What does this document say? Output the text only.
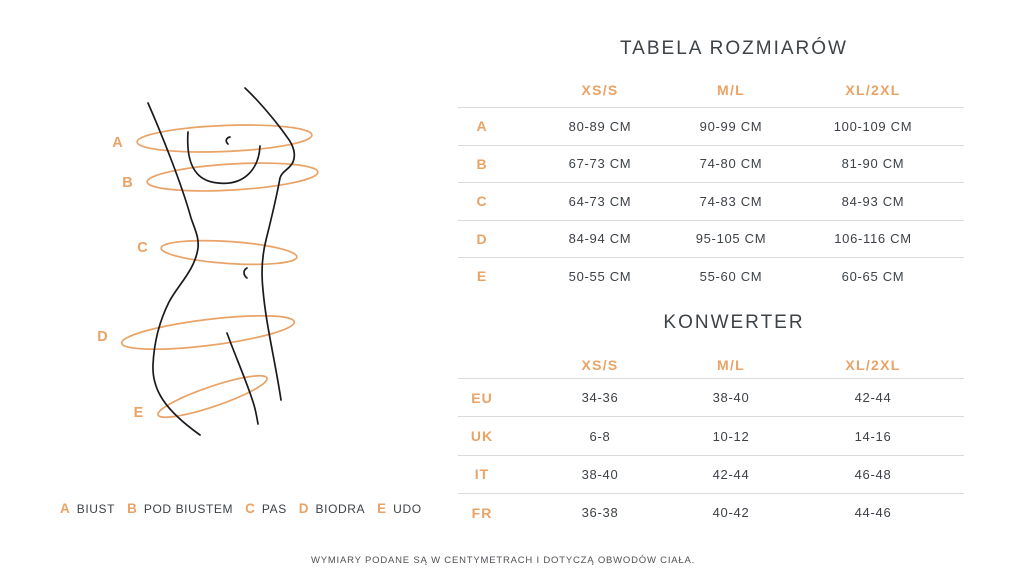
A
B
C
D
E
TABELA ROZMIARÓW
XS/S	M/L	XL/2XL
A	80-89 CM	90-99 CM	100-109 CM
B	67-73 CM	74-80 CM	81-90 CM
C	64-73 CM	74-83 CM	84-93 CM
D	84-94 CM	95-105 CM	106-116 CM
E	50-55 CM	55-60 CM	60-65 CM
KONWERTER
XS/S	M/L	XL/2XL
EU	34-36	38-40	42-44
UK	6-8	10-12	14-16
IT	38-40	42-44	46-48
FR	36-38	40-42	44-46
A BIUST B POD BIUSTEM C PAS D BIODRA E UDO
WYMIARY PODANE SĄ W CENTYMETRACH I DOTYCZĄ OBWODÓW CIAŁA.
